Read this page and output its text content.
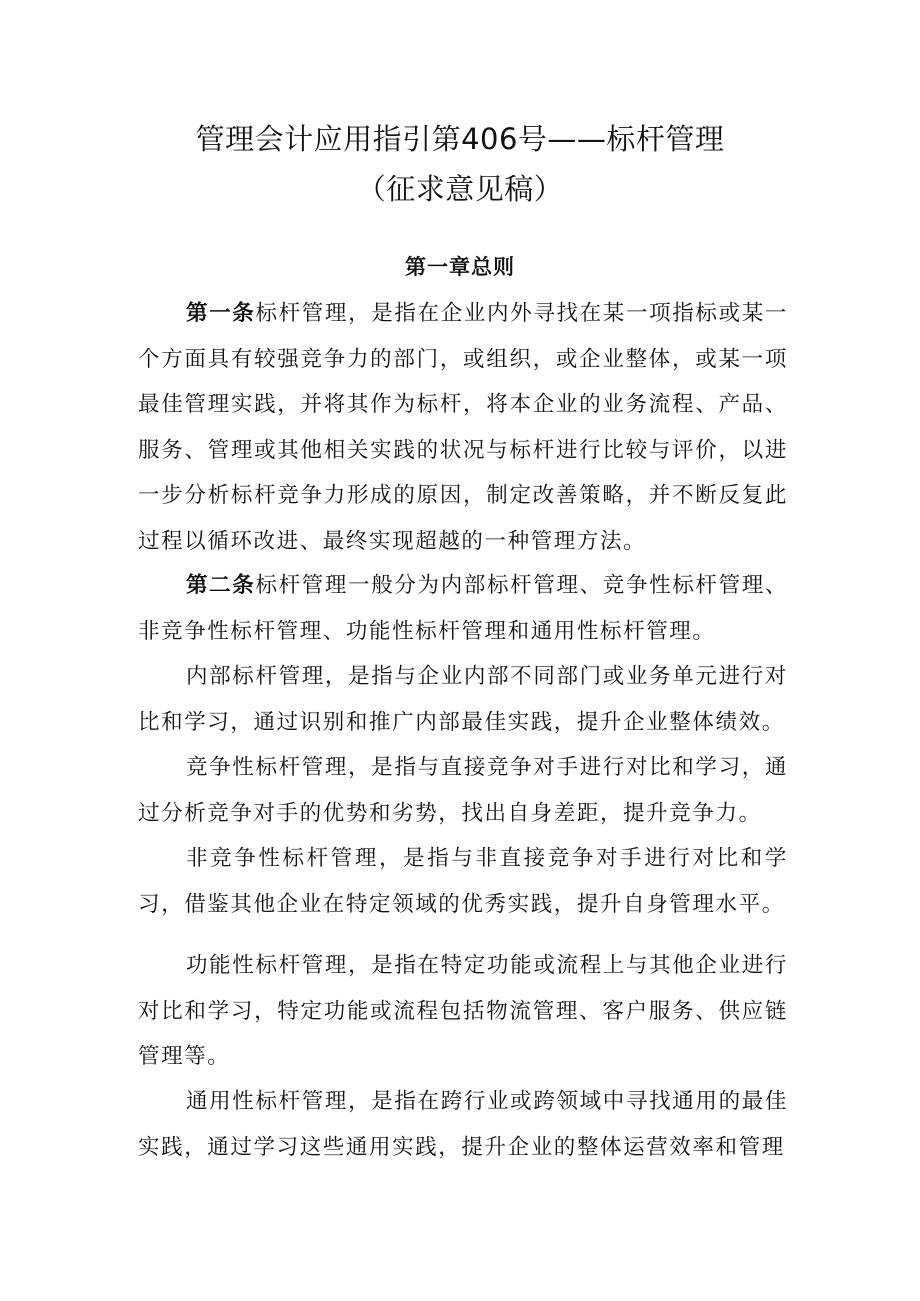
管理会计应用指引第406号——标杆管理
（征求意见稿）
第一章总则
第一条标杆管理，是指在企业内外寻找在某一项指标或某一个方面具有较强竞争力的部门，或组织，或企业整体，或某一项最佳管理实践，并将其作为标杆，将本企业的业务流程、产品、服务、管理或其他相关实践的状况与标杆进行比较与评价，以进一步分析标杆竞争力形成的原因，制定改善策略，并不断反复此过程以循环改进、最终实现超越的一种管理方法。
第二条标杆管理一般分为内部标杆管理、竞争性标杆管理、非竞争性标杆管理、功能性标杆管理和通用性标杆管理。
内部标杆管理，是指与企业内部不同部门或业务单元进行对比和学习，通过识别和推广内部最佳实践，提升企业整体绩效。
竞争性标杆管理，是指与直接竞争对手进行对比和学习，通过分析竞争对手的优势和劣势，找出自身差距，提升竞争力。
非竞争性标杆管理，是指与非直接竞争对手进行对比和学习，借鉴其他企业在特定领域的优秀实践，提升自身管理水平。
功能性标杆管理，是指在特定功能或流程上与其他企业进行对比和学习，特定功能或流程包括物流管理、客户服务、供应链管理等。
通用性标杆管理，是指在跨行业或跨领域中寻找通用的最佳实践，通过学习这些通用实践，提升企业的整体运营效率和管理
